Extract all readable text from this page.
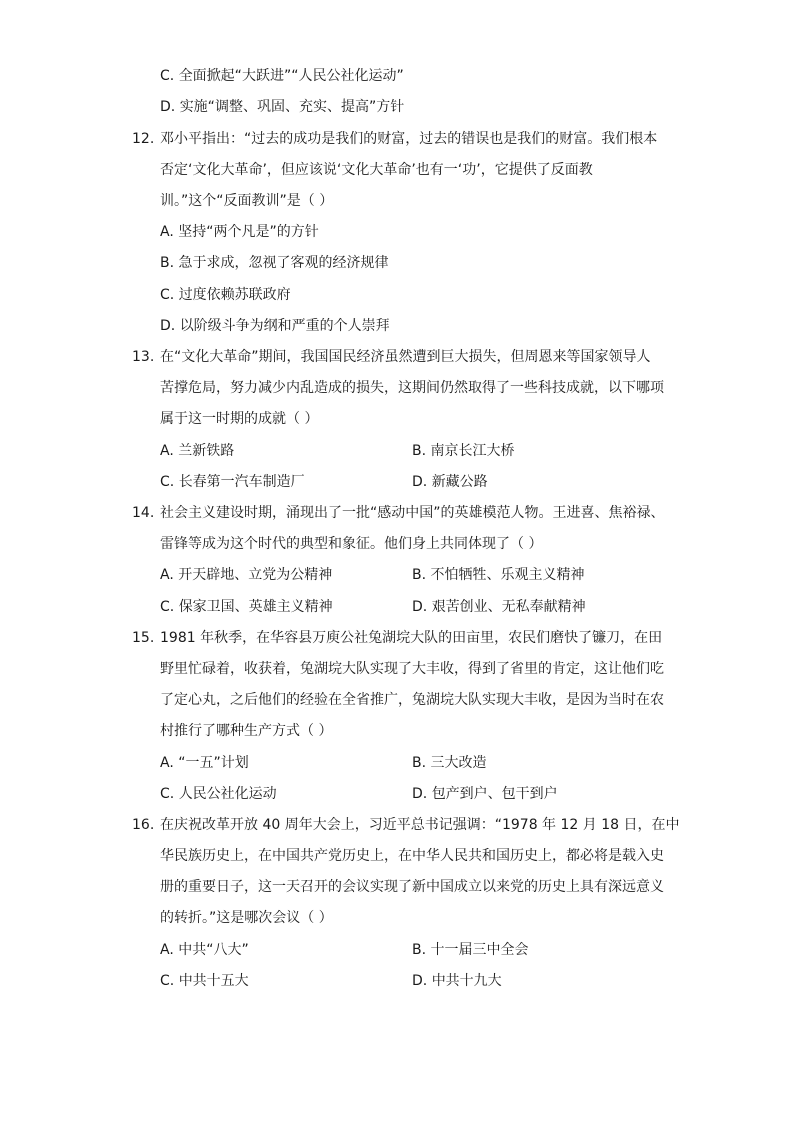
C. 全面掀起“大跃进”“人民公社化运动”
D. 实施“调整、巩固、充实、提高”方针
12. 邓小平指出：“过去的成功是我们的财富，过去的错误也是我们的财富。我们根本
否定‘文化大革命’，但应该说‘文化大革命’也有一‘功’，它提供了反面教
训。”这个“反面教训”是（ ）
A. 坚持“两个凡是”的方针
B. 急于求成，忽视了客观的经济规律
C. 过度依赖苏联政府
D. 以阶级斗争为纲和严重的个人崇拜
13. 在“文化大革命”期间，我国国民经济虽然遭到巨大损失，但周恩来等国家领导人
苦撑危局，努力减少内乱造成的损失，这期间仍然取得了一些科技成就，以下哪项
属于这一时期的成就（ ）
A. 兰新铁路	B. 南京长江大桥
C. 长春第一汽车制造厂	D. 新藏公路
14. 社会主义建设时期，涌现出了一批“感动中国”的英雄模范人物。王进喜、焦裕禄、
雷锋等成为这个时代的典型和象征。他们身上共同体现了（ ）
A. 开天辟地、立党为公精神	B. 不怕牺牲、乐观主义精神
C. 保家卫国、英雄主义精神	D. 艰苦创业、无私奉献精神
15. 1981 年秋季，在华容县万庾公社兔湖垸大队的田亩里，农民们磨快了镰刀，在田
野里忙碌着，收获着，兔湖垸大队实现了大丰收，得到了省里的肯定，这让他们吃
了定心丸，之后他们的经验在全省推广，兔湖垸大队实现大丰收，是因为当时在农
村推行了哪种生产方式（ ）
A. “一五”计划	B. 三大改造
C. 人民公社化运动	D. 包产到户、包干到户
16. 在庆祝改革开放 40 周年大会上，习近平总书记强调：“1978 年 12 月 18 日，在中
华民族历史上，在中国共产党历史上，在中华人民共和国历史上，都必将是载入史
册的重要日子，这一天召开的会议实现了新中国成立以来党的历史上具有深远意义
的转折。”这是哪次会议（ ）
A. 中共“八大”	B. 十一届三中全会
C. 中共十五大	D. 中共十九大
